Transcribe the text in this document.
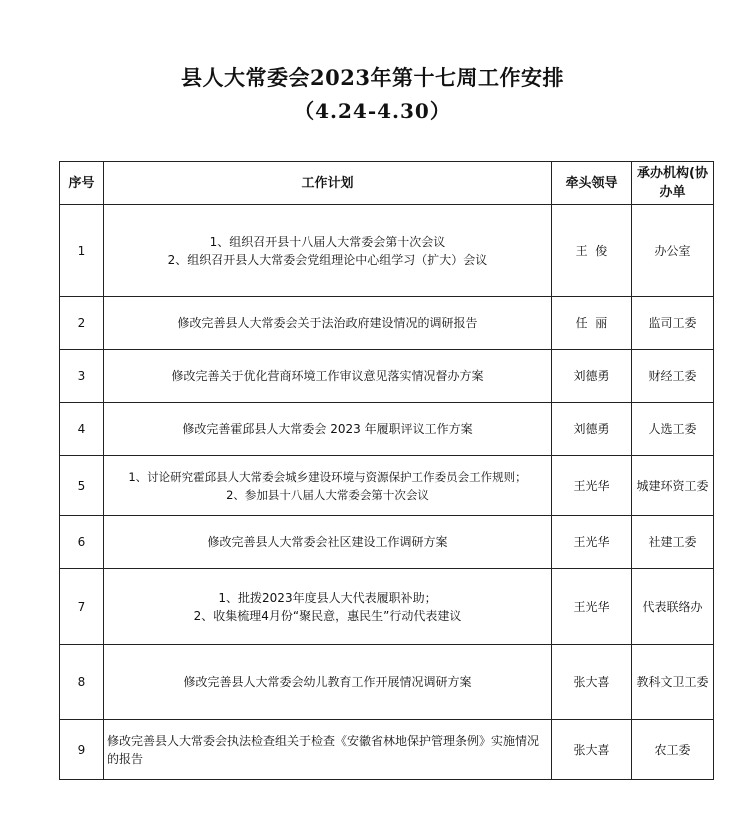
县人大常委会2023年第十七周工作安排
（4.24-4.30）
序号	工作计划	牵头领导	承办机构(协办单
1	1、组织召开县十八届人大常委会第十次会议
2、组织召开县人大常委会党组理论中心组学习（扩大）会议	王  俊	办公室
2	修改完善县人大常委会关于法治政府建设情况的调研报告	任  丽	监司工委
3	修改完善关于优化营商环境工作审议意见落实情况督办方案	刘德勇	财经工委
4	修改完善霍邱县人大常委会 2023 年履职评议工作方案	刘德勇	人选工委
5	1、讨论研究霍邱县人大常委会城乡建设环境与资源保护工作委员会工作规则；
2、参加县十八届人大常委会第十次会议	王光华	城建环资工委
6	修改完善县人大常委会社区建设工作调研方案	王光华	社建工委
7	1、批拨2023年度县人大代表履职补助；
2、收集梳理4月份“聚民意，惠民生”行动代表建议	王光华	代表联络办
8	修改完善县人大常委会幼儿教育工作开展情况调研方案	张大喜	教科文卫工委
9	修改完善县人大常委会执法检查组关于检查《安徽省林地保护管理条例》实施情况的报告	张大喜	农工委
